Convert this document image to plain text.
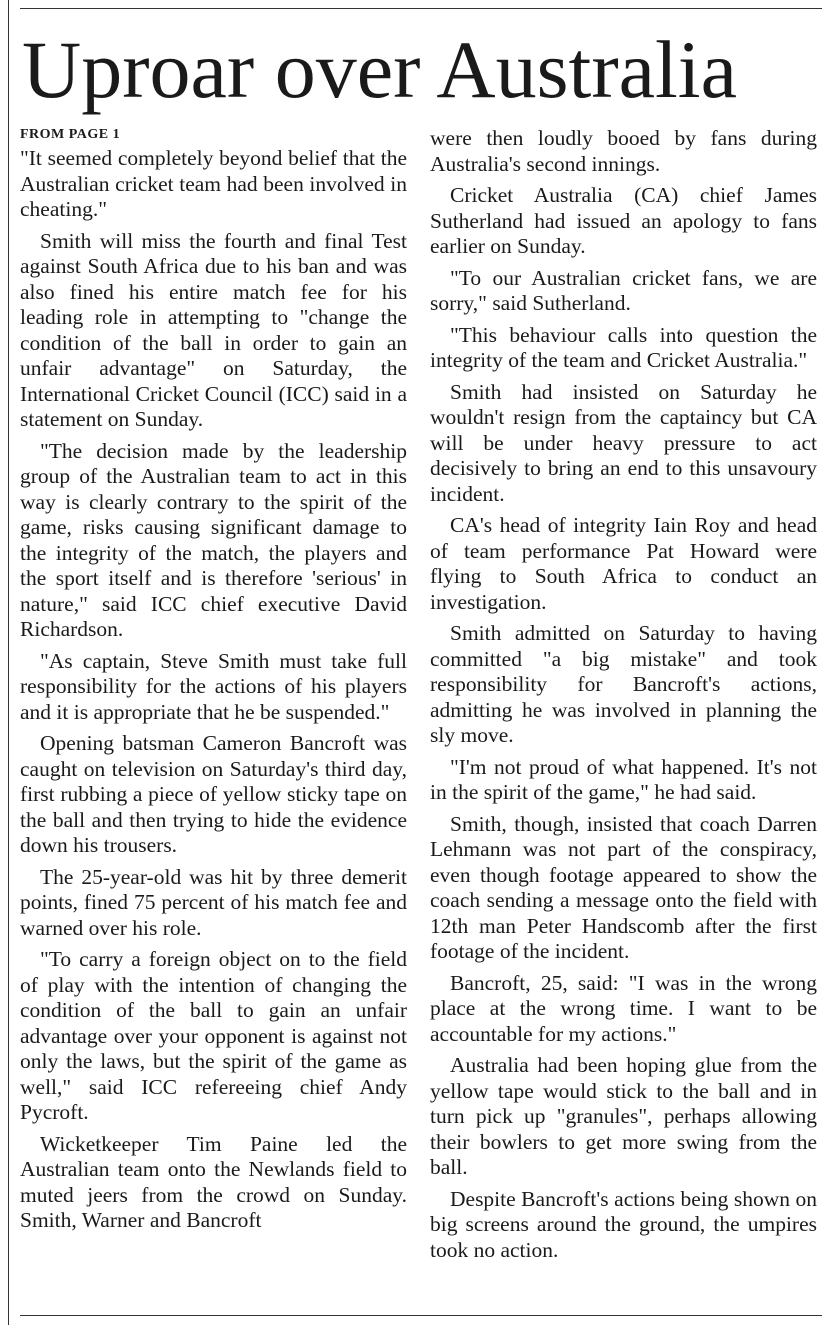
Uproar over Australia
FROM PAGE 1

"It seemed completely beyond belief that the Australian cricket team had been involved in cheating."

Smith will miss the fourth and final Test against South Africa due to his ban and was also fined his entire match fee for his leading role in attempting to "change the condition of the ball in order to gain an unfair advantage" on Saturday, the International Cricket Council (ICC) said in a statement on Sunday.

"The decision made by the leadership group of the Australian team to act in this way is clearly contrary to the spirit of the game, risks causing significant damage to the integrity of the match, the players and the sport itself and is therefore 'serious' in nature," said ICC chief executive David Richardson.

"As captain, Steve Smith must take full responsibility for the actions of his players and it is appropriate that he be suspended."

Opening batsman Cameron Bancroft was caught on television on Saturday's third day, first rubbing a piece of yellow sticky tape on the ball and then trying to hide the evidence down his trousers.

The 25-year-old was hit by three demerit points, fined 75 percent of his match fee and warned over his role.

"To carry a foreign object on to the field of play with the intention of changing the condition of the ball to gain an unfair advantage over your opponent is against not only the laws, but the spirit of the game as well," said ICC refereeing chief Andy Pycroft.

Wicketkeeper Tim Paine led the Australian team onto the Newlands field to muted jeers from the crowd on Sunday. Smith, Warner and Bancroft

were then loudly booed by fans during Australia's second innings.

Cricket Australia (CA) chief James Sutherland had issued an apology to fans earlier on Sunday.

"To our Australian cricket fans, we are sorry," said Sutherland.

"This behaviour calls into question the integrity of the team and Cricket Australia."

Smith had insisted on Saturday he wouldn't resign from the captaincy but CA will be under heavy pressure to act decisively to bring an end to this unsavoury incident.

CA's head of integrity Iain Roy and head of team performance Pat Howard were flying to South Africa to conduct an investigation.

Smith admitted on Saturday to having committed "a big mistake" and took responsibility for Bancroft's actions, admitting he was involved in planning the sly move.

"I'm not proud of what happened. It's not in the spirit of the game," he had said.

Smith, though, insisted that coach Darren Lehmann was not part of the conspiracy, even though footage appeared to show the coach sending a message onto the field with 12th man Peter Handscomb after the first footage of the incident.

Bancroft, 25, said: "I was in the wrong place at the wrong time. I want to be accountable for my actions."

Australia had been hoping glue from the yellow tape would stick to the ball and in turn pick up "granules", perhaps allowing their bowlers to get more swing from the ball.

Despite Bancroft's actions being shown on big screens around the ground, the umpires took no action.
